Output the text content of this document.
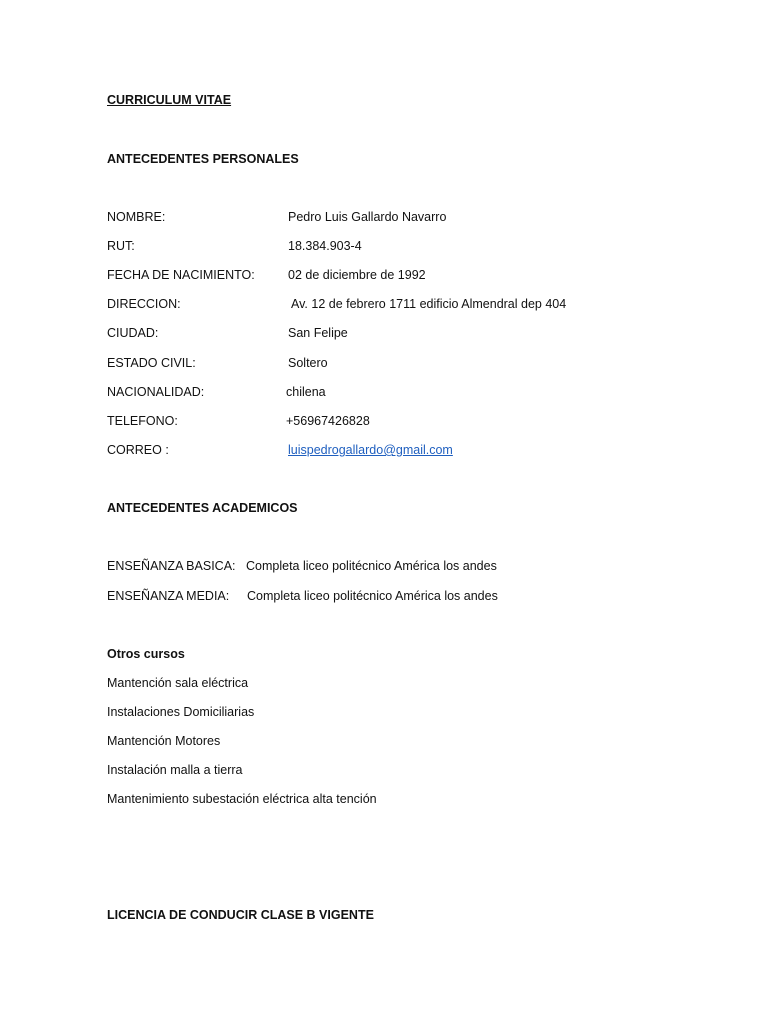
CURRICULUM VITAE
ANTECEDENTES PERSONALES
NOMBRE:	Pedro Luis Gallardo Navarro
RUT:	18.384.903-4
FECHA DE NACIMIENTO:	02 de diciembre de 1992
DIRECCION:	Av. 12 de febrero 1711 edificio Almendral dep 404
CIUDAD:	San Felipe
ESTADO CIVIL:	Soltero
NACIONALIDAD:	chilena
TELEFONO:	+56967426828
CORREO :	luispedrogallardo@gmail.com
ANTECEDENTES ACADEMICOS
ENSEÑANZA BASICA: Completa liceo politécnico América los andes
ENSEÑANZA MEDIA: Completa liceo politécnico América los andes
Otros cursos
Mantención sala eléctrica
Instalaciones Domiciliarias
Mantención Motores
Instalación malla a tierra
Mantenimiento subestación eléctrica alta tención
LICENCIA DE CONDUCIR CLASE B VIGENTE
